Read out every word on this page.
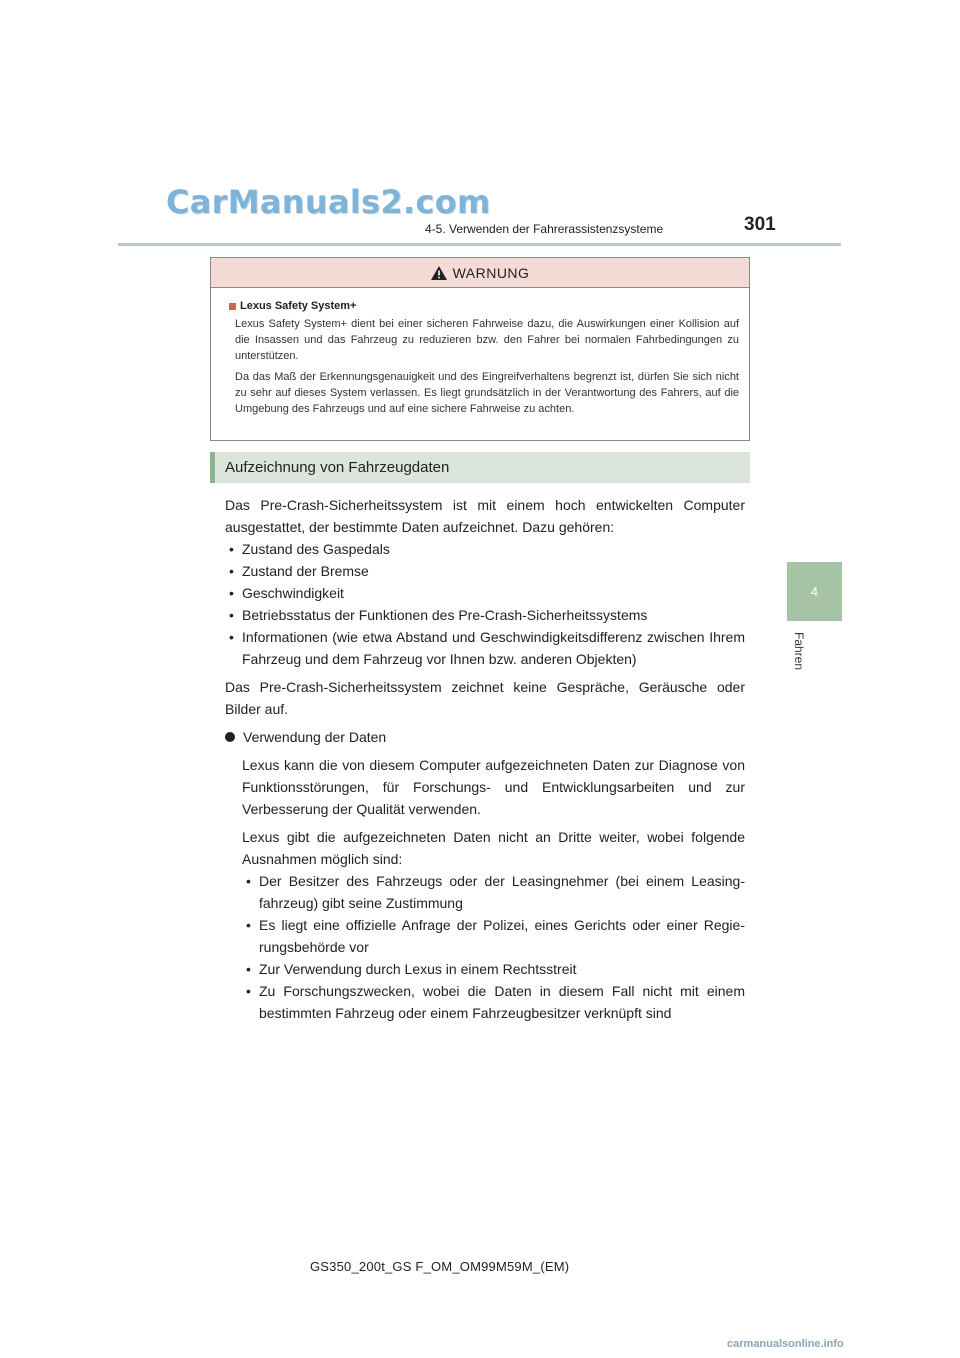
CarManuals2.com
4-5. Verwenden der Fahrerassistenzsysteme	301
4
Fahren
WARNUNG
Lexus Safety System+

Lexus Safety System+ dient bei einer sicheren Fahrweise dazu, die Auswirkungen einer Kollision auf die Insassen und das Fahrzeug zu reduzieren bzw. den Fahrer bei normalen Fahrbedingungen zu unterstützen.

Da das Maß der Erkennungsgenauigkeit und des Eingreifverhaltens begrenzt ist, dürfen Sie sich nicht zu sehr auf dieses System verlassen. Es liegt grundsätzlich in der Verantwortung des Fahrers, auf die Umgebung des Fahrzeugs und auf eine sichere Fahrweise zu achten.

Aufzeichnung von Fahrzeugdaten

Das Pre-Crash-Sicherheitssystem ist mit einem hoch entwickelten Computer ausgestattet, der bestimmte Daten aufzeichnet. Dazu gehören:

• Zustand des Gaspedals
• Zustand der Bremse
• Geschwindigkeit
• Betriebsstatus der Funktionen des Pre-Crash-Sicherheitssystems
• Informationen (wie etwa Abstand und Geschwindigkeitsdifferenz zwischen Ihrem Fahrzeug und dem Fahrzeug vor Ihnen bzw. anderen Objekten)

Das Pre-Crash-Sicherheitssystem zeichnet keine Gespräche, Geräusche oder Bilder auf.

Verwendung der Daten

Lexus kann die von diesem Computer aufgezeichneten Daten zur Diagnose von Funktionsstörungen, für Forschungs- und Entwicklungsarbeiten und zur Verbesserung der Qualität verwenden.

Lexus gibt die aufgezeichneten Daten nicht an Dritte weiter, wobei folgende Ausnahmen möglich sind:

• Der Besitzer des Fahrzeugs oder der Leasingnehmer (bei einem Leasing-fahrzeug) gibt seine Zustimmung
• Es liegt eine offizielle Anfrage der Polizei, eines Gerichts oder einer Regie-rungsbehörde vor
• Zur Verwendung durch Lexus in einem Rechtsstreit
• Zu Forschungszwecken, wobei die Daten in diesem Fall nicht mit einem bestimmten Fahrzeug oder einem Fahrzeugbesitzer verknüpft sind
GS350_200t_GS F_OM_OM99M59M_(EM)
carmanualsonline.info
